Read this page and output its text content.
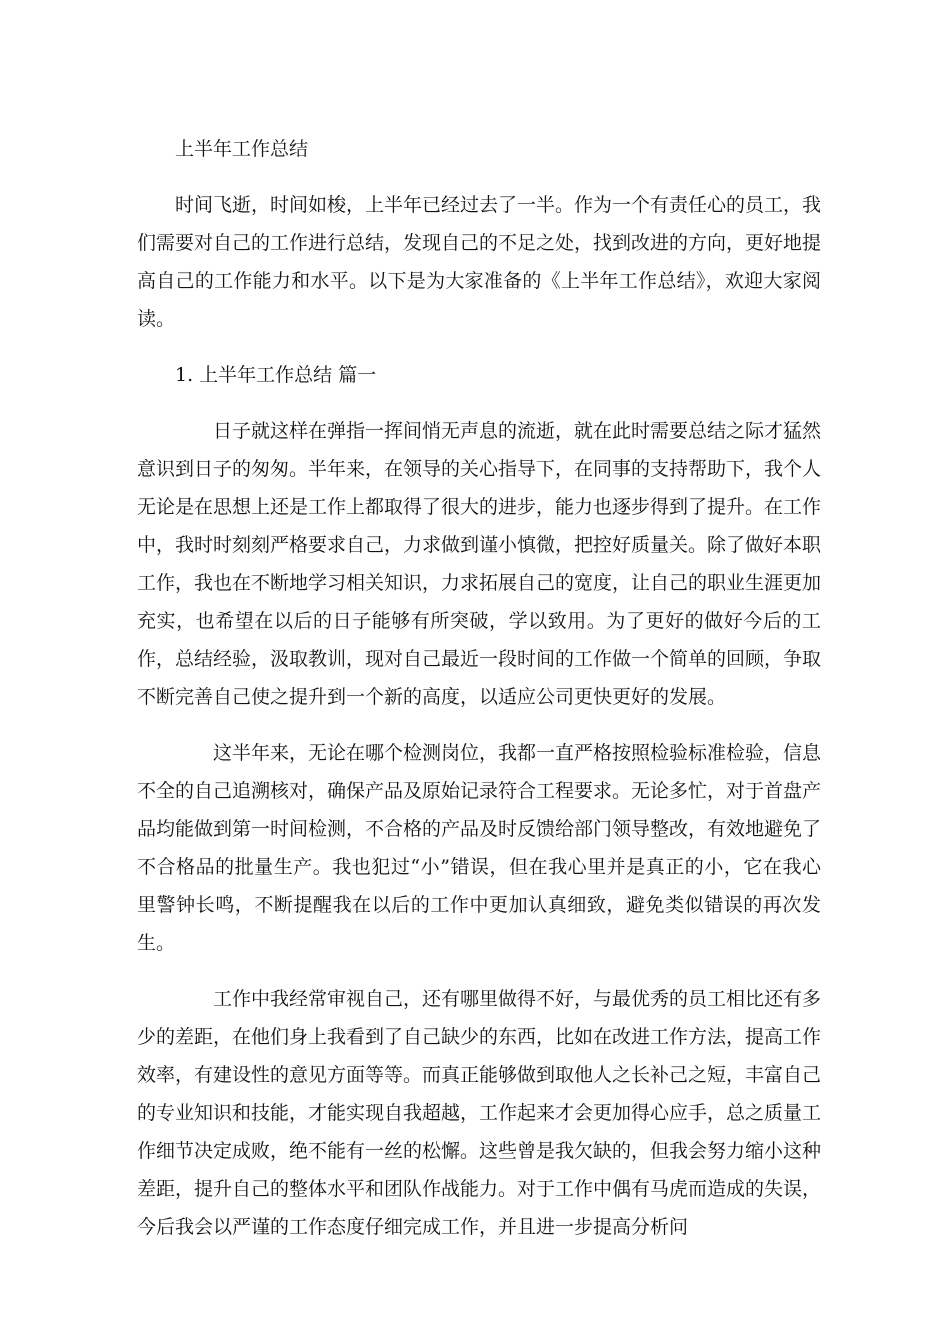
上半年工作总结

时间飞逝，时间如梭，上半年已经过去了一半。作为一个有责任心的员工，我们需要对自己的工作进行总结，发现自己的不足之处，找到改进的方向，更好地提高自己的工作能力和水平。以下是为大家准备的《上半年工作总结》，欢迎大家阅读。

1. 上半年工作总结 篇一

日子就这样在弹指一挥间悄无声息的流逝，就在此时需要总结之际才猛然意识到日子的匆匆。半年来，在领导的关心指导下，在同事的支持帮助下，我个人无论是在思想上还是工作上都取得了很大的进步，能力也逐步得到了提升。在工作中，我时时刻刻严格要求自己，力求做到谨小慎微，把控好质量关。除了做好本职工作，我也在不断地学习相关知识，力求拓展自己的宽度，让自己的职业生涯更加充实，也希望在以后的日子能够有所突破，学以致用。为了更好的做好今后的工作，总结经验，汲取教训，现对自己最近一段时间的工作做一个简单的回顾，争取不断完善自己使之提升到一个新的高度，以适应公司更快更好的发展。

这半年来，无论在哪个检测岗位，我都一直严格按照检验标准检验，信息不全的自己追溯核对，确保产品及原始记录符合工程要求。无论多忙，对于首盘产品均能做到第一时间检测，不合格的产品及时反馈给部门领导整改，有效地避免了不合格品的批量生产。我也犯过“小”错误，但在我心里并是真正的小，它在我心里警钟长鸣，不断提醒我在以后的工作中更加认真细致，避免类似错误的再次发生。

工作中我经常审视自己，还有哪里做得不好，与最优秀的员工相比还有多少的差距，在他们身上我看到了自己缺少的东西，比如在改进工作方法，提高工作效率，有建设性的意见方面等等。而真正能够做到取他人之长补己之短，丰富自己的专业知识和技能，才能实现自我超越，工作起来才会更加得心应手，总之质量工作细节决定成败，绝不能有一丝的松懈。这些曾是我欠缺的，但我会努力缩小这种差距，提升自己的整体水平和团队作战能力。对于工作中偶有马虎而造成的失误，今后我会以严谨的工作态度仔细完成工作，并且进一步提高分析问
